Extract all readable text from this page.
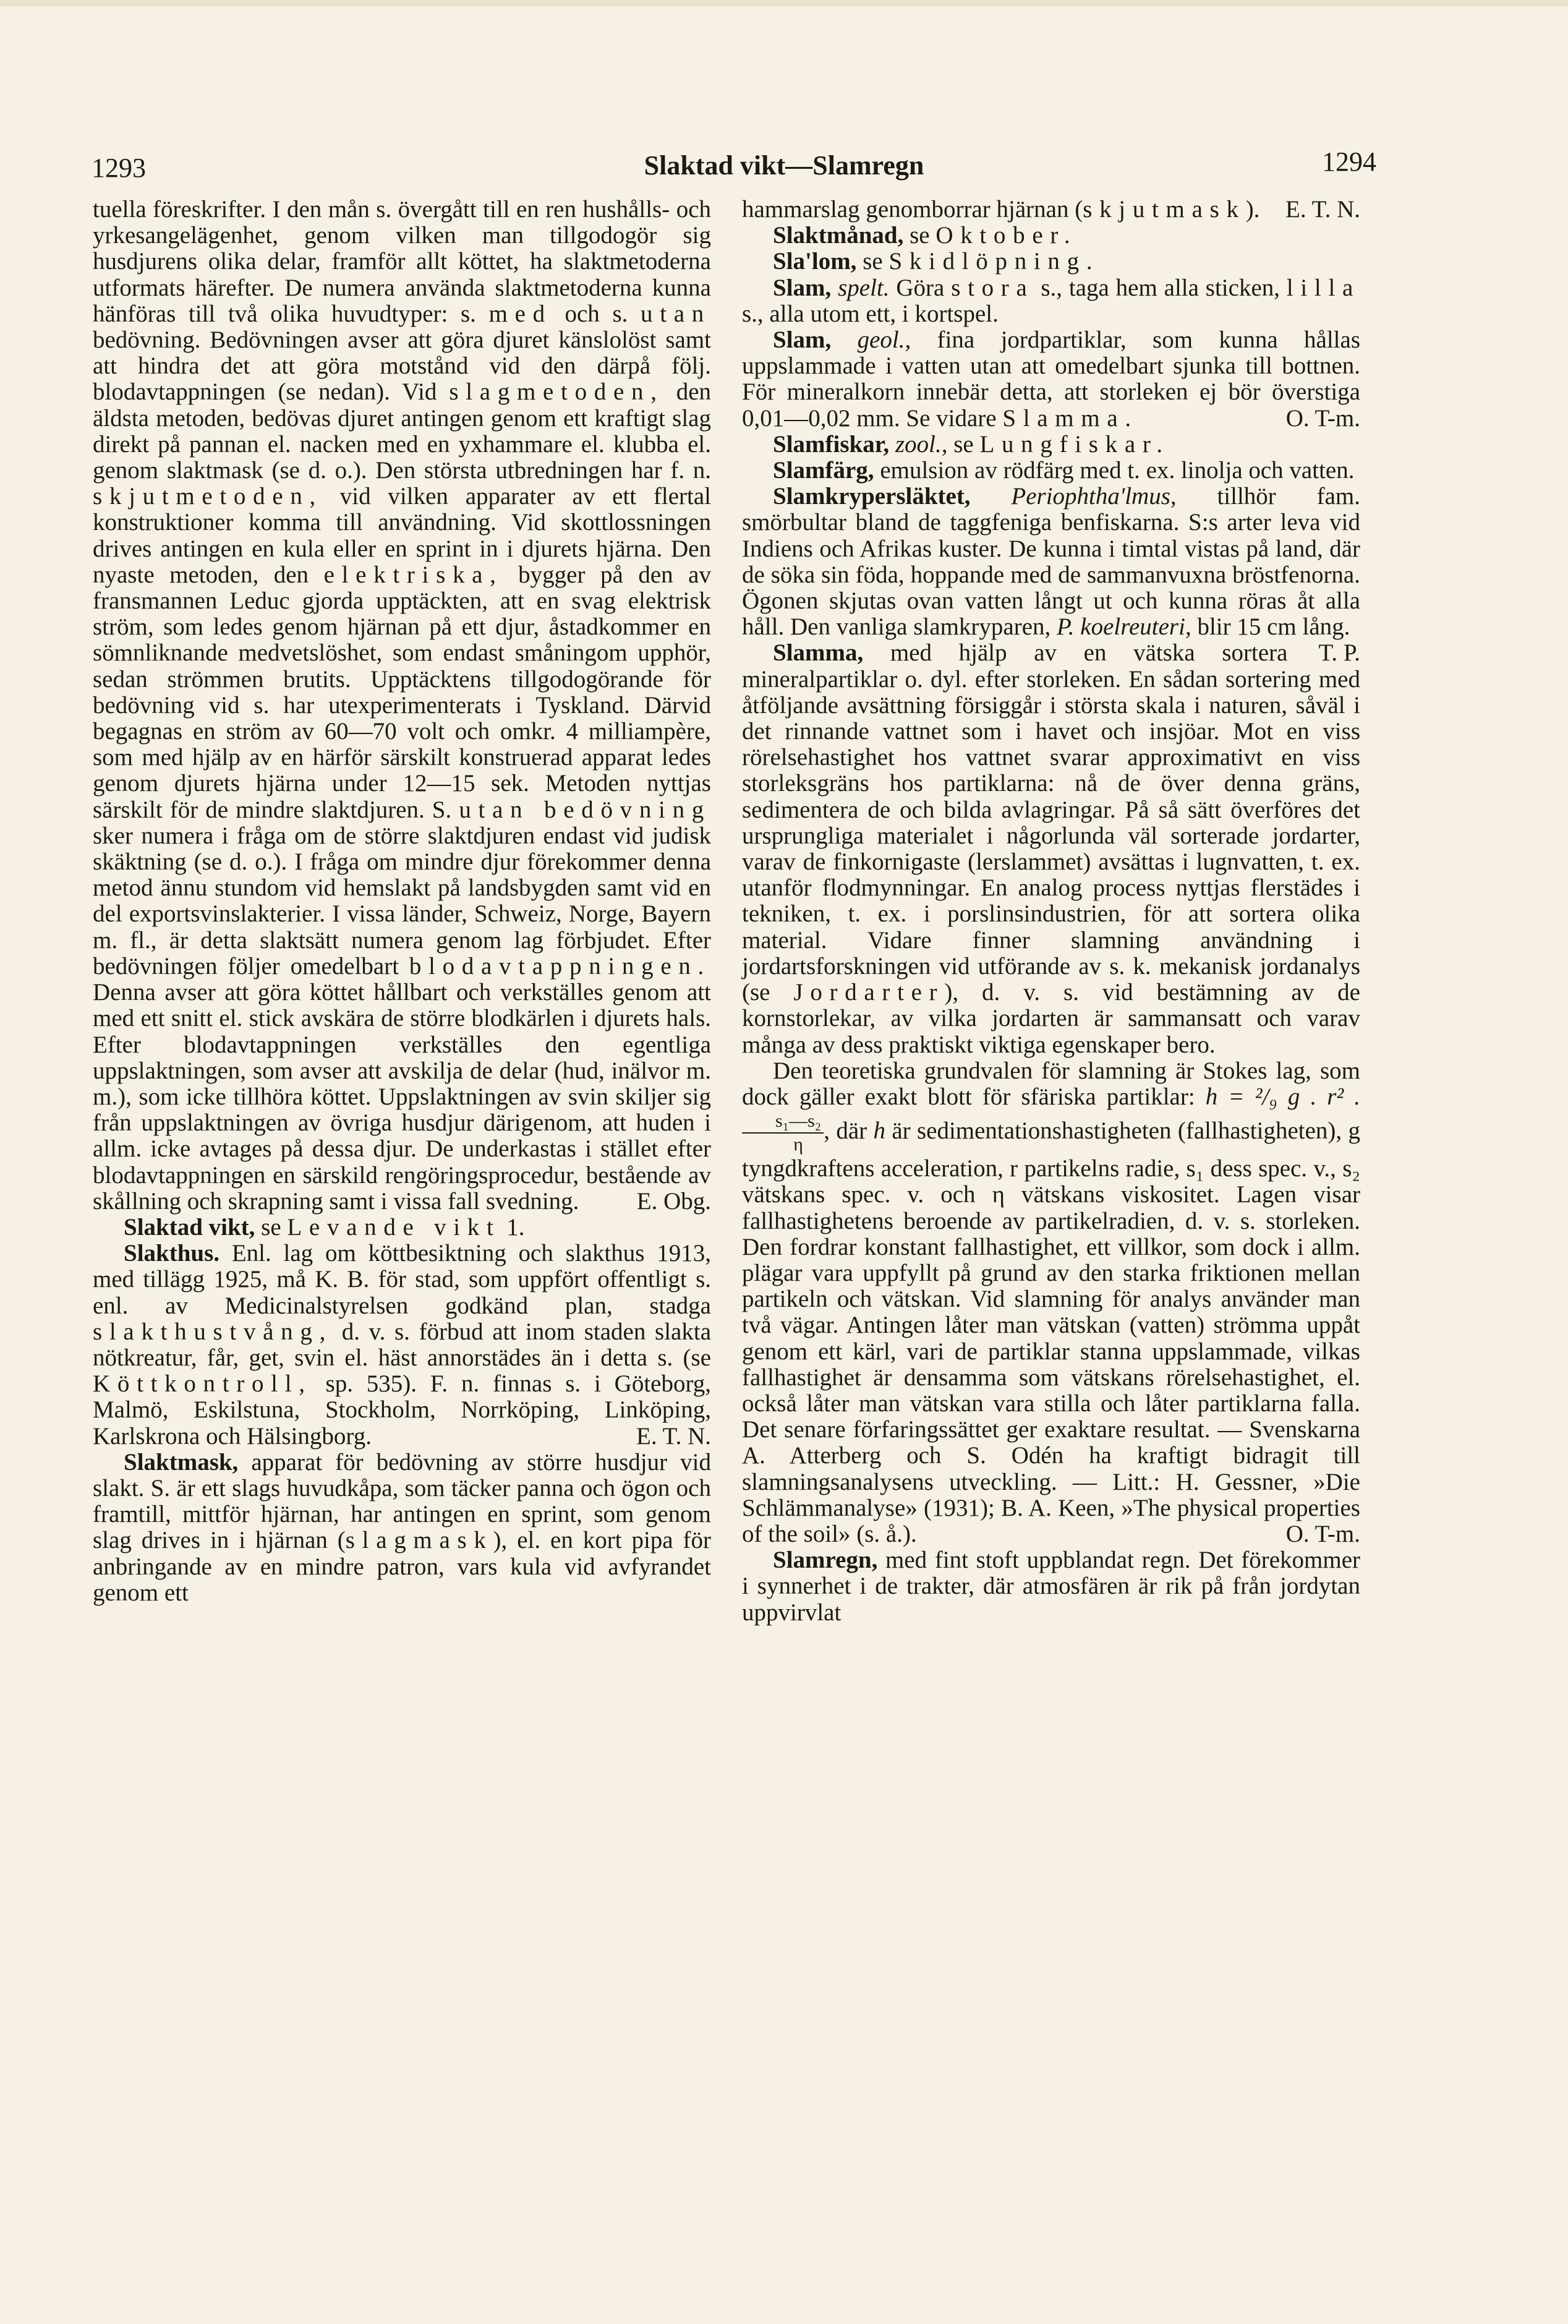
1293	Slaktad vikt—Slamregn	1294

tuella föreskrifter. I den mån s. övergått till en ren hushålls- och yrkesangelägenhet, genom vilken man tillgodogör sig husdjurens olika delar, framför allt köttet, ha slaktmetoderna utformats härefter. De numera använda slaktmetoderna kunna hänföras till två olika huvudtyper: s. med och s. utan bedövning. Bedövningen avser att göra djuret känslolöst samt att hindra det att göra motstånd vid den därpå följ. blodavtappningen (se nedan). Vid slagmetoden, den äldsta metoden, bedövas djuret antingen genom ett kraftigt slag direkt på pannan el. nacken med en yxhammare el. klubba el. genom slaktmask (se d. o.). Den största utbredningen har f. n. skjutmetoden, vid vilken apparater av ett flertal konstruktioner komma till användning. Vid skottlossningen drives antingen en kula eller en sprint in i djurets hjärna. Den nyaste metoden, den elektriska, bygger på den av fransmannen Leduc gjorda upptäckten, att en svag elektrisk ström, som ledes genom hjärnan på ett djur, åstadkommer en sömnliknande medvetslöshet, som endast småningom upphör, sedan strömmen brutits. Upptäcktens tillgodogörande för bedövning vid s. har utexperimenterats i Tyskland. Därvid begagnas en ström av 60—70 volt och omkr. 4 milliampère, som med hjälp av en härför särskilt konstruerad apparat ledes genom djurets hjärna under 12—15 sek. Metoden nyttjas särskilt för de mindre slaktdjuren. S. utan bedövning sker numera i fråga om de större slaktdjuren endast vid judisk skäktning (se d. o.). I fråga om mindre djur förekommer denna metod ännu stundom vid hemslakt på landsbygden samt vid en del exportsvinslakterier. I vissa länder, Schweiz, Norge, Bayern m. fl., är detta slaktsätt numera genom lag förbjudet. Efter bedövningen följer omedelbart blodavtappningen. Denna avser att göra köttet hållbart och verkställes genom att med ett snitt el. stick avskära de större blodkärlen i djurets hals. Efter blodavtappningen verkställes den egentliga uppslaktningen, som avser att avskilja de delar (hud, inälvor m. m.), som icke tillhöra köttet. Uppslaktningen av svin skiljer sig från uppslaktningen av övriga husdjur därigenom, att huden i allm. icke avtages på dessa djur. De underkastas i stället efter blodavtappningen en särskild rengöringsprocedur, bestående av skållning och skrapning samt i vissa fall svedning. E. Obg.

Slaktad vikt, se Levande vikt 1.

Slakthus. Enl. lag om köttbesiktning och slakthus 1913, med tillägg 1925, må K. B. för stad, som uppfört offentligt s. enl. av Medicinalstyrelsen godkänd plan, stadga slakthustvång, d. v. s. förbud att inom staden slakta nötkreatur, får, get, svin el. häst annorstädes än i detta s. (se Köttkontroll, sp. 535). F. n. finnas s. i Göteborg, Malmö, Eskilstuna, Stockholm, Norrköping, Linköping, Karlskrona och Hälsingborg.	E. T. N.

Slaktmask, apparat för bedövning av större husdjur vid slakt. S. är ett slags huvudkåpa, som täcker panna och ögon och framtill, mittför hjärnan, har antingen en sprint, som genom slag drives in i hjärnan (slagmask), el. en kort pipa för anbringande av en mindre patron, vars kula vid avfyrandet genom ett

hammarslag genomborrar hjärnan (skjutmask). E. T. N.

Slaktmånad, se Oktober.

Sla'lom, se Skidlöpning.

Slam, spelt. Göra stora s., taga hem alla sticken, lilla s., alla utom ett, i kortspel.

Slam, geol., fina jordpartiklar, som kunna hållas uppslammade i vatten utan att omedelbart sjunka till bottnen. För mineralkorn innebär detta, att storleken ej bör överstiga 0,01—0,02 mm. Se vidare Slamma.	O. T-m.

Slamfiskar, zool., se Lungfiskar.

Slamfärg, emulsion av rödfärg med t. ex. linolja och vatten.

Slamkrypersläktet, Periophtha'lmus, tillhör fam. smörbultar bland de taggfeniga benfiskarna. S:s arter leva vid Indiens och Afrikas kuster. De kunna i timtal vistas på land, där de söka sin föda, hoppande med de sammanvuxna bröstfenorna. Ögonen skjutas ovan vatten långt ut och kunna röras åt alla håll. Den vanliga slamkryparen, P. koelreuteri, blir 15 cm lång.
T. P.

Slamma, med hjälp av en vätska sortera mineralpartiklar o. dyl. efter storleken. En sådan sortering med åtföljande avsättning försiggår i största skala i naturen, såväl i det rinnande vattnet som i havet och insjöar. Mot en viss rörelsehastighet hos vattnet svarar approximativt en viss storleksgräns hos partiklarna: nå de över denna gräns, sedimentera de och bilda avlagringar. På så sätt överföres det ursprungliga materialet i någorlunda väl sorterade jordarter, varav de finkornigaste (lerslammet) avsättas i lugnvatten, t. ex. utanför flodmynningar. En analog process nyttjas flerstädes i tekniken, t. ex. i porslinsindustrien, för att sortera olika material. Vidare finner slamning användning i jordartsforskningen vid utförande av s. k. mekanisk jordanalys (se Jordarter), d. v. s. vid bestämning av de kornstorlekar, av vilka jordarten är sammansatt och varav många av dess praktiskt viktiga egenskaper bero.

Den teoretiska grundvalen för slamning är Stokes lag, som dock gäller exakt blott för sfäriska partiklar: h = ²/₉ g . r² .
$\frac{\text{s₁—s₂}}{\eta}$ , där h är sedimentationshastigheten (fallhastigheten), g tyngdkraftens acceleration, r partikelns radie, s₁ dess spec. v., s₂ vätskans spec. v. och η vätskans viskositet. Lagen visar fallhastighetens beroende av partikelradien, d. v. s. storleken. Den fordrar konstant fallhastighet, ett villkor, som dock i allm. plägar vara uppfyllt på grund av den starka friktionen mellan partikeln och vätskan. Vid slamning för analys använder man två vägar. Antingen låter man vätskan (vatten) strömma uppåt genom ett kärl, vari de partiklar stanna uppslammade, vilkas fallhastighet är densamma som vätskans rörelsehastighet, el. också låter man vätskan vara stilla och låter partiklarna falla. Det senare förfaringssättet ger exaktare resultat. — Svenskarna A. Atterberg och S. Odén ha kraftigt bidragit till slamningsanalysens utveckling. — Litt.: H. Gessner, »Die Schlämmanalyse» (1931); B. A. Keen, »The physical properties of the soil» (s. å.).	O. T-m.

Slamregn, med fint stoft uppblandat regn. Det förekommer i synnerhet i de trakter, där atmosfären är rik på från jordytan uppvirvlat
